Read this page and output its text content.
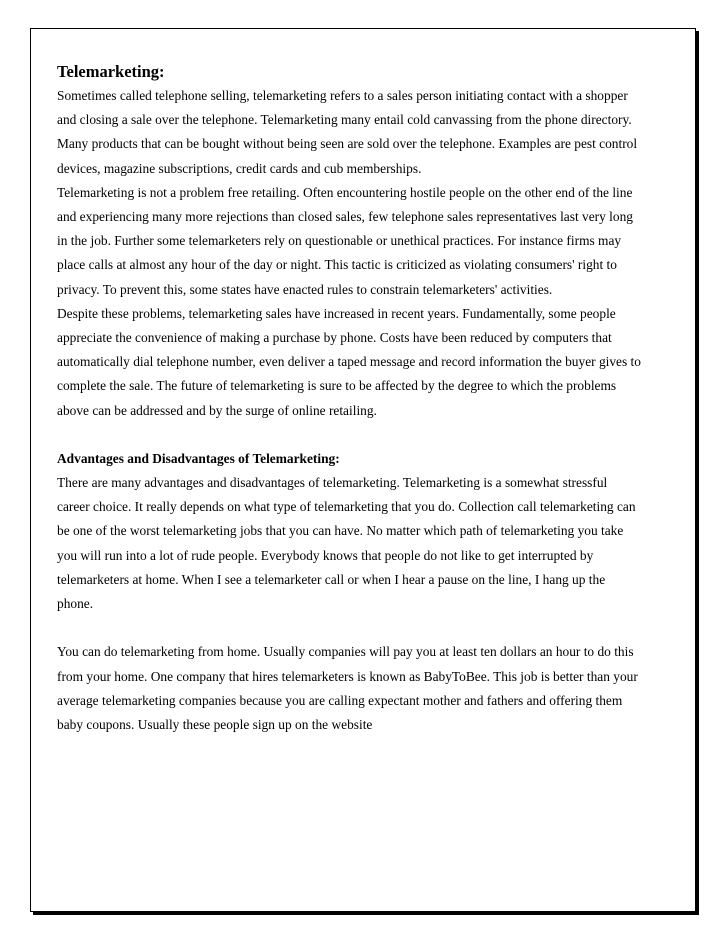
Telemarketing:

Sometimes called telephone selling, telemarketing refers to a sales person initiating contact with a shopper and closing a sale over the telephone. Telemarketing many entail cold canvassing from the phone directory. Many products that can be bought without being seen are sold over the telephone. Examples are pest control devices, magazine subscriptions, credit cards and cub memberships.

Telemarketing is not a problem free retailing. Often encountering hostile people on the other end of the line and experiencing many more rejections than closed sales, few telephone sales representatives last very long in the job. Further some telemarketers rely on questionable or unethical practices. For instance firms may place calls at almost any hour of the day or night. This tactic is criticized as violating consumers' right to privacy. To prevent this, some states have enacted rules to constrain telemarketers' activities.

Despite these problems, telemarketing sales have increased in recent years. Fundamentally, some people appreciate the convenience of making a purchase by phone. Costs have been reduced by computers that automatically dial telephone number, even deliver a taped message and record information the buyer gives to complete the sale. The future of telemarketing is sure to be affected by the degree to which the problems above can be addressed and by the surge of online retailing.

Advantages and Disadvantages of Telemarketing:

There are many advantages and disadvantages of telemarketing. Telemarketing is a somewhat stressful career choice. It really depends on what type of telemarketing that you do. Collection call telemarketing can be one of the worst telemarketing jobs that you can have. No matter which path of telemarketing you take you will run into a lot of rude people. Everybody knows that people do not like to get interrupted by telemarketers at home. When I see a telemarketer call or when I hear a pause on the line, I hang up the phone.

You can do telemarketing from home. Usually companies will pay you at least ten dollars an hour to do this from your home. One company that hires telemarketers is known as BabyToBee. This job is better than your average telemarketing companies because you are calling expectant mother and fathers and offering them baby coupons. Usually these people sign up on the website
